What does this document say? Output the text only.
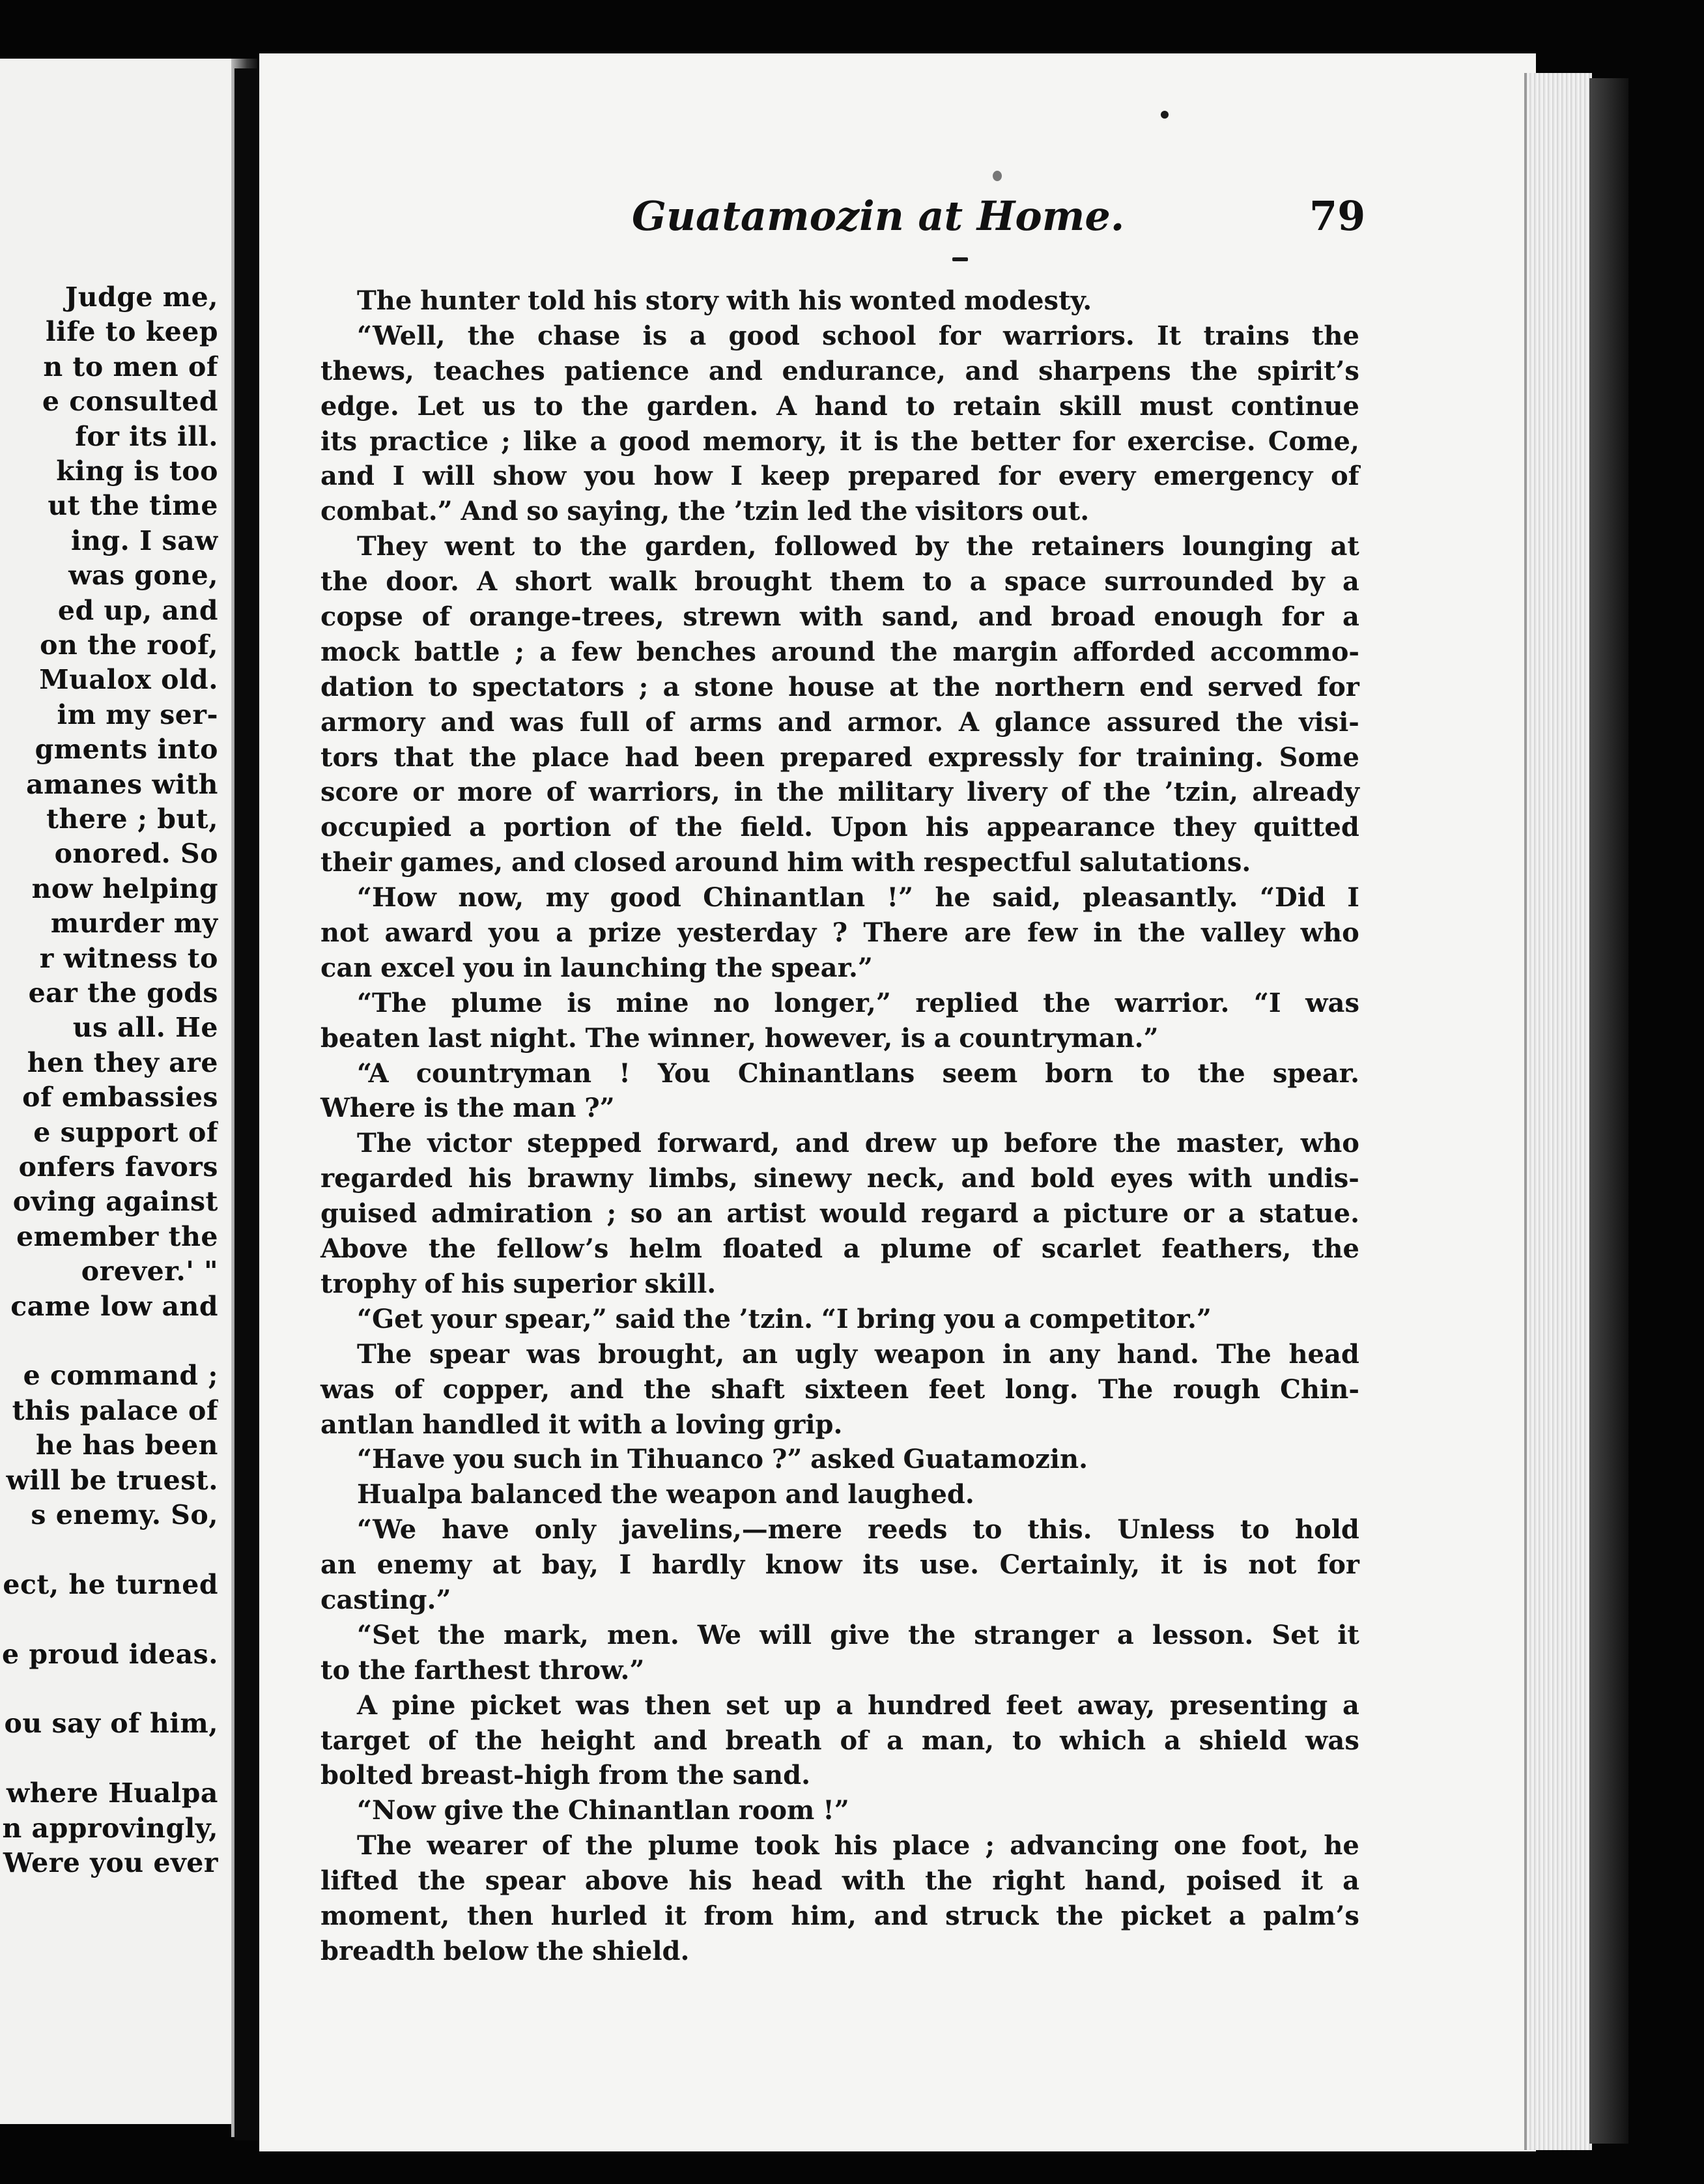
Judge me,
life to keep
n to men of
e consulted
for its ill.
king is too
ut the time
ing. I saw
was gone,
ed up, and
on the roof,
Mualox old.
im my ser-
gments into
amanes with
there ; but,
onored. So
now helping
murder my
r witness to
ear the gods
us all. He
hen they are
of embassies
e support of
onfers favors
oving against
emember the
orever.' "
came low and
e command ;
this palace of
he has been
will be truest.
s enemy. So,
ect, he turned
e proud ideas.
ou say of him,
where Hualpa
n approvingly,
Were you ever
Guatamozin at Home.	79
The hunter told his story with his wonted modesty.
“Well, the chase is a good school for warriors. It trains the
thews, teaches patience and endurance, and sharpens the spirit’s
edge. Let us to the garden. A hand to retain skill must continue
its practice ; like a good memory, it is the better for exercise. Come,
and I will show you how I keep prepared for every emergency of
combat.” And so saying, the ’tzin led the visitors out.
They went to the garden, followed by the retainers lounging at
the door. A short walk brought them to a space surrounded by a
copse of orange-trees, strewn with sand, and broad enough for a
mock battle ; a few benches around the margin afforded accommo-
dation to spectators ; a stone house at the northern end served for
armory and was full of arms and armor. A glance assured the visi-
tors that the place had been prepared expressly for training. Some
score or more of warriors, in the military livery of the ’tzin, already
occupied a portion of the field. Upon his appearance they quitted
their games, and closed around him with respectful salutations.
“How now, my good Chinantlan !” he said, pleasantly. “Did I
not award you a prize yesterday ? There are few in the valley who
can excel you in launching the spear.”
“The plume is mine no longer,” replied the warrior. “I was
beaten last night. The winner, however, is a countryman.”
“A countryman ! You Chinantlans seem born to the spear.
Where is the man ?”
The victor stepped forward, and drew up before the master, who
regarded his brawny limbs, sinewy neck, and bold eyes with undis-
guised admiration ; so an artist would regard a picture or a statue.
Above the fellow’s helm floated a plume of scarlet feathers, the
trophy of his superior skill.
“Get your spear,” said the ’tzin. “I bring you a competitor.”
The spear was brought, an ugly weapon in any hand. The head
was of copper, and the shaft sixteen feet long. The rough Chin-
antlan handled it with a loving grip.
“Have you such in Tihuanco ?” asked Guatamozin.
Hualpa balanced the weapon and laughed.
“We have only javelins,—mere reeds to this. Unless to hold
an enemy at bay, I hardly know its use. Certainly, it is not for
casting.”
“Set the mark, men. We will give the stranger a lesson. Set it
to the farthest throw.”
A pine picket was then set up a hundred feet away, presenting a
target of the height and breath of a man, to which a shield was
bolted breast-high from the sand.
“Now give the Chinantlan room !”
The wearer of the plume took his place ; advancing one foot, he
lifted the spear above his head with the right hand, poised it a
moment, then hurled it from him, and struck the picket a palm’s
breadth below the shield.
